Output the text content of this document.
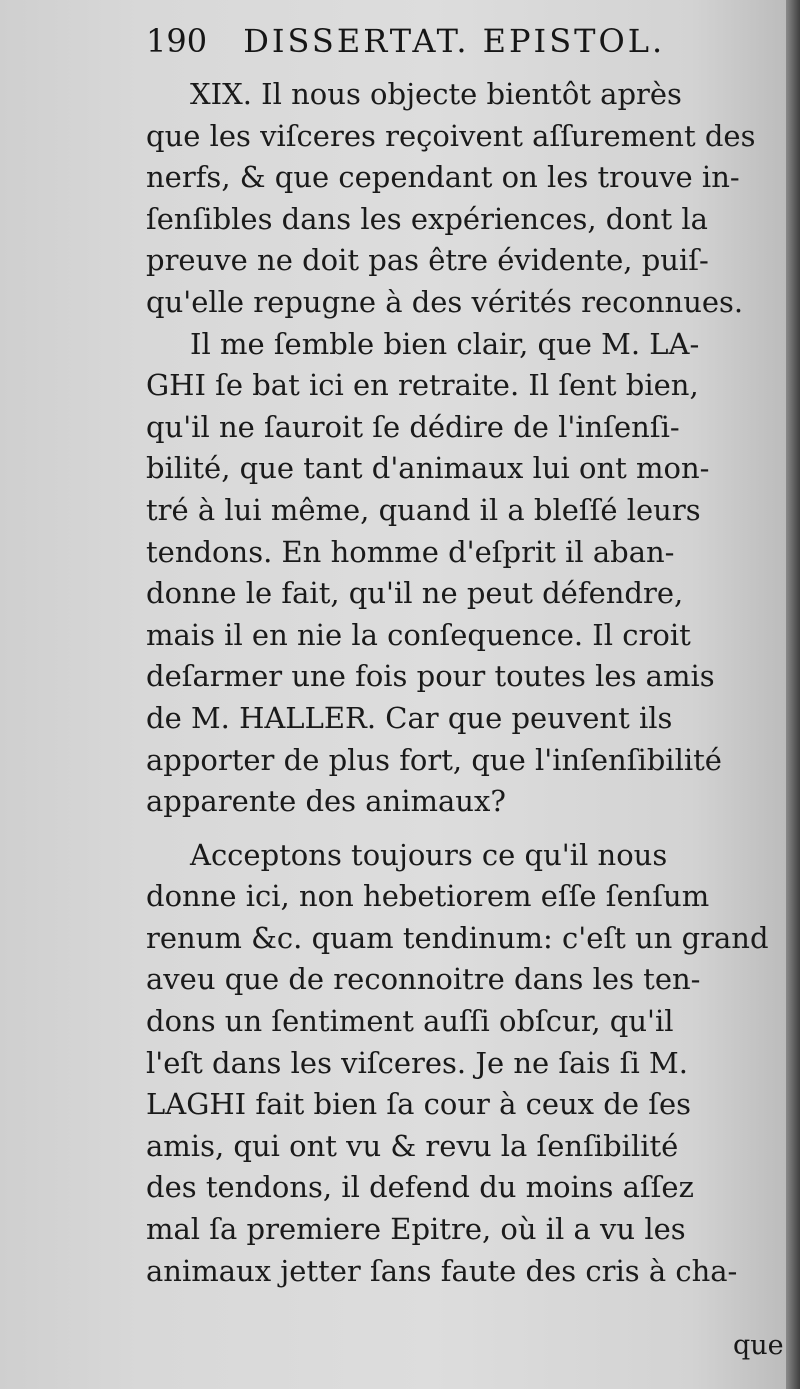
190 DISSERTAT. EPISTOL.
XIX. Il nous objecte bientôt après
que les viſceres reçoivent aſſurement des
nerfs, & que cependant on les trouve in-
ſenſibles dans les expériences, dont la
preuve ne doit pas être évidente, puiſ-
qu'elle repugne à des vérités reconnues.
Il me ſemble bien clair, que M. LA-
GHI ſe bat ici en retraite. Il ſent bien,
qu'il ne ſauroit ſe dédire de l'inſenſi-
bilité, que tant d'animaux lui ont mon-
tré à lui même, quand il a bleſſé leurs
tendons. En homme d'eſprit il aban-
donne le fait, qu'il ne peut défendre,
mais il en nie la conſequence. Il croit
deſarmer une fois pour toutes les amis
de M. HALLER. Car que peuvent ils
apporter de plus fort, que l'inſenſibilité
apparente des animaux?
Acceptons toujours ce qu'il nous
donne ici, non hebetiorem eſſe ſenſum
renum &c. quam tendinum: c'eſt un grand
aveu que de reconnoitre dans les ten-
dons un ſentiment auſſi obſcur, qu'il
l'eſt dans les viſceres. Je ne ſais ſi M.
LAGHI fait bien ſa cour à ceux de ſes
amis, qui ont vu & revu la ſenſibilité
des tendons, il defend du moins aſſez
mal ſa premiere Epitre, où il a vu les
animaux jetter ſans faute des cris à cha-
que
